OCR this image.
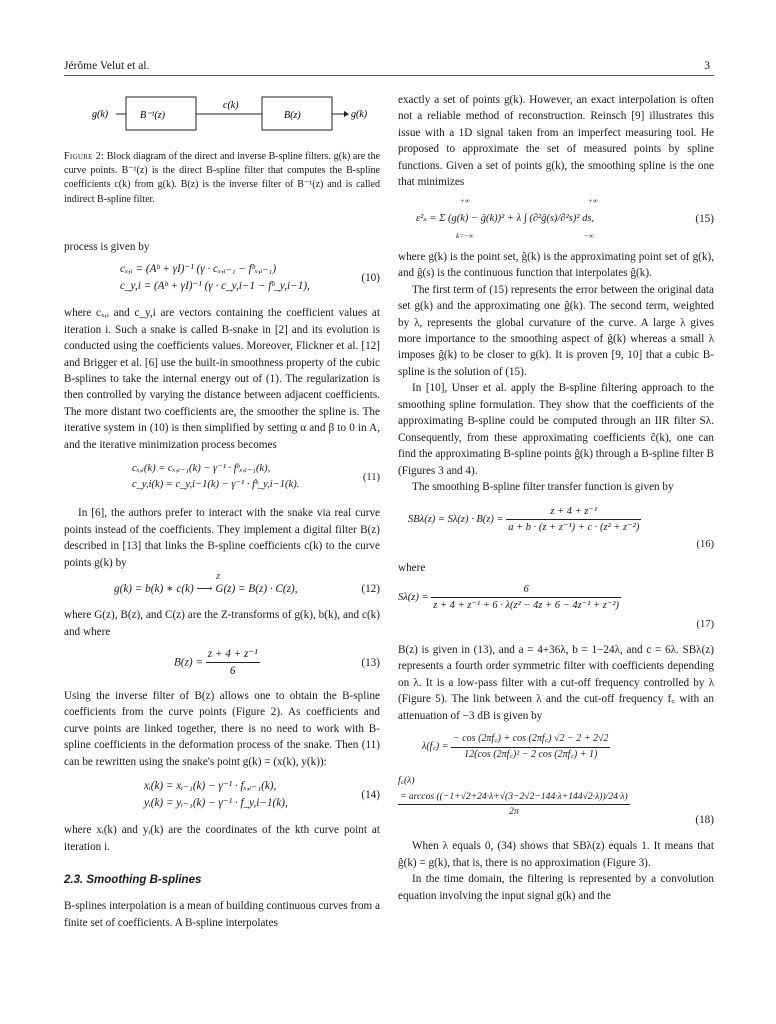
Jérôme Velut et al.	3
g(k)	B⁻¹(z)
c(k)
B(z)	g(k)

Figure 2: Block diagram of the direct and inverse B-spline filters. g(k) are the curve points. B⁻¹(z) is the direct B-spline filter that computes the B-spline coefficients c(k) from g(k). B(z) is the inverse filter of B⁻¹(z) and is called indirect B-spline filter.

process is given by

cₓ,ᵢ = (Aᵇ + γI)⁻¹ (γ · cₓ,ᵢ₋₁ − fᵇₓ,ᵢ₋₁)
c_y,i = (Aᵇ + γI)⁻¹ (γ · c_y,i−1 − fᵇ_y,i−1),
(10)

where cₓ,ᵢ and c_y,i are vectors containing the coefficient values at iteration i. Such a snake is called B-snake in [2] and its evolution is conducted using the coefficients values. Moreover, Flickner et al. [12] and Brigger et al. [6] use the built-in smoothness property of the cubic B-splines to take the internal energy out of (1). The regularization is then controlled by varying the distance between adjacent coefficients. The more distant two coefficients are, the smoother the spline is. The iterative system in (10) is then simplified by setting α and β to 0 in A, and the iterative minimization process becomes

cₓ,ᵢ(k) = cₓ,ᵢ₋₁(k) − γ⁻¹ · fᵇₓ,ᵢ₋₁(k),
c_y,i(k) = c_y,i−1(k) − γ⁻¹ · fᵇ_y,i−1(k).
(11)

In [6], the authors prefer to interact with the snake via real curve points instead of the coefficients. They implement a digital filter B(z) described in [13] that links the B-spline coefficients c(k) to the curve points g(k) by

g(k) = b(k) ∗ c(k) ⟶ G(z) = B(z) · C(z),
Z
(12)

where G(z), B(z), and C(z) are the Z-transforms of g(k), b(k), and c(k) and where

$B(z) = \frac{\text{z + 4 + z⁻¹}}{6}$	(13)

Using the inverse filter of B(z) allows one to obtain the B-spline coefficients from the curve points (Figure 2). As coefficients and curve points are linked together, there is no need to work with B-spline coefficients in the deformation process of the snake. Then (11) can be rewritten using the snake's point g(k) = (x(k), y(k)):

xᵢ(k) = xᵢ₋₁(k) − γ⁻¹ · fₓ,ᵢ₋₁(k),
yᵢ(k) = yᵢ₋₁(k) − γ⁻¹ · f_y,i−1(k),
(14)

where xᵢ(k) and yᵢ(k) are the coordinates of the kth curve point at iteration i.

2.3. Smoothing B-splines

B-splines interpolation is a mean of building continuous curves from a finite set of coefficients. A B-spline interpolates

exactly a set of points g(k). However, an exact interpolation is often not a reliable method of reconstruction. Reinsch [9] illustrates this issue with a 1D signal taken from an imperfect measuring tool. He proposed to approximate the set of measured points by spline functions. Given a set of points g(k), the smoothing spline is the one that minimizes

+∞
k=−∞
+∞
−∞
ε²ₛ = Σ (g(k) − ĝ(k))² + λ ∫ (∂²ĝ(s)/∂²s)² ds,	(15)

where g(k) is the point set, ĝ(k) is the approximating point set of g(k), and ĝ(s) is the continuous function that interpolates ĝ(k).

The first term of (15) represents the error between the original data set g(k) and the approximating one ĝ(k). The second term, weighted by λ, represents the global curvature of the curve. A large λ gives more importance to the smoothing aspect of ĝ(k) whereas a small λ imposes ĝ(k) to be closer to g(k). It is proven [9, 10] that a cubic B-spline is the solution of (15).

In [10], Unser et al. apply the B-spline filtering approach to the smoothing spline formulation. They show that the coefficients of the approximating B-spline could be computed through an IIR filter Sλ. Consequently, from these approximating coefficients ĉ(k), one can find the approximating B-spline points ĝ(k) through a B-spline filter B (Figures 3 and 4).

The smoothing B-spline filter transfer function is given by

$SB\lambda(z) = S\lambda(z) \cdot B(z) = \frac{\text{z + 4 + z⁻¹}}{\text{a + b · (z + z⁻¹) + c · (z² + z⁻²)}}$
(16)

where

$S\lambda(z) = \frac{6}{\text{z + 4 + z⁻¹ + 6 · λ(z² − 4z + 6 − 4z⁻¹ + z⁻²)}}$
(17)

B(z) is given in (13), and a = 4+36λ, b = 1−24λ, and c = 6λ. SBλ(z) represents a fourth order symmetric filter with coefficients depending on λ. It is a low-pass filter with a cut-off frequency controlled by λ (Figure 5). The link between λ and the cut-off frequency f꜀ with an attenuation of −3 dB is given by

λ(f꜀) = $\frac{- \cos (2\pi f꜀) + \cos (2\pi f꜀) √2 - 2 + 2√2}{\text{12(cos (2πf꜀)² − 2 cos (2πf꜀) + 1)}}$
f꜀(λ)
$\frac{= \arccos ((-1+√2+24\cdot\lambda+√(3-2√2-144\cdot\lambda+144√2\cdot\lambda))/24\cdot\lambda)}{2\pi}$
(18)

When λ equals 0, (34) shows that SBλ(z) equals 1. It means that ĝ(k) = g(k), that is, there is no approximation (Figure 3).

In the time domain, the filtering is represented by a convolution equation involving the input signal g(k) and the
